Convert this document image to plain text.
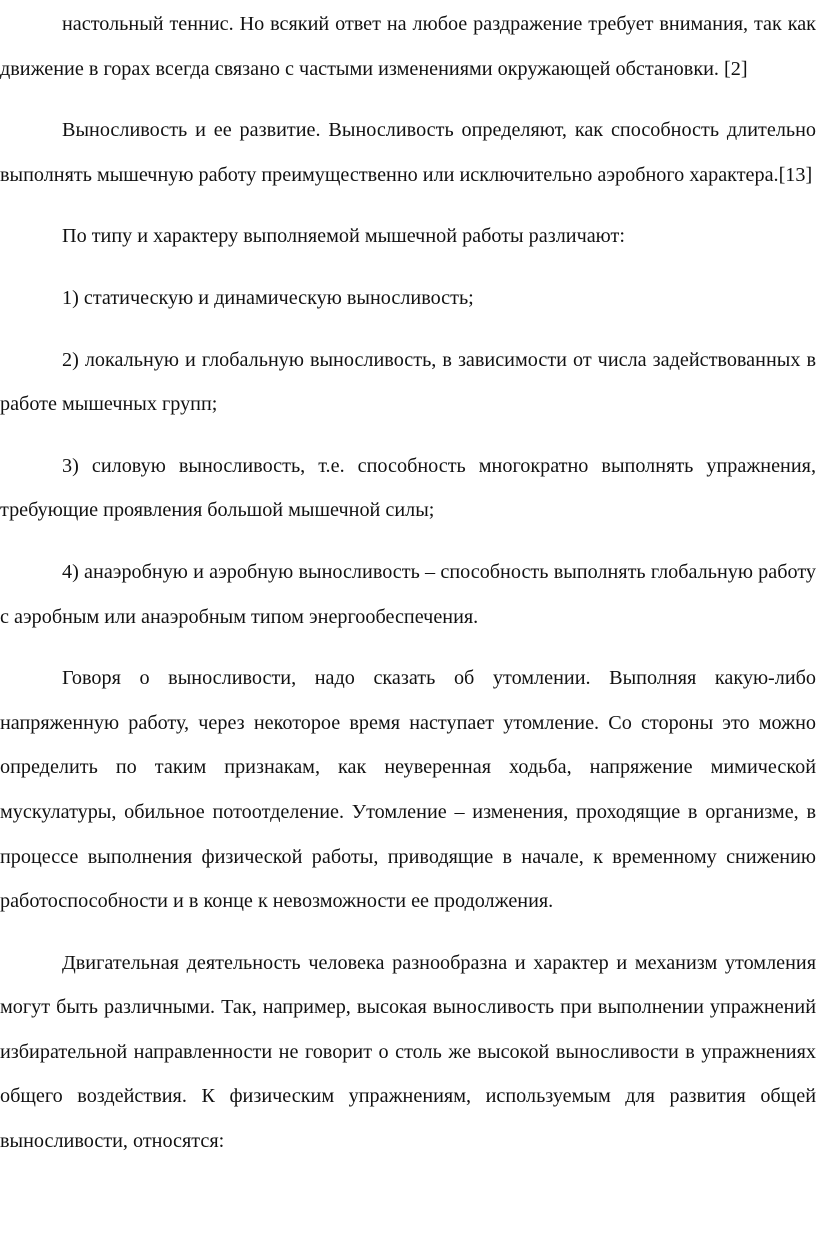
настольный теннис. Но всякий ответ на любое раздражение требует внимания, так как движение в горах всегда связано с частыми изменениями окружающей обстановки. [2]

Выносливость и ее развитие. Выносливость определяют, как способность длительно выполнять мышечную работу преимущественно или исключительно аэробного характера.[13]

По типу и характеру выполняемой мышечной работы различают:

1) статическую и динамическую выносливость;

2) локальную и глобальную выносливость, в зависимости от числа задействованных в работе мышечных групп;

3) силовую выносливость, т.е. способность многократно выполнять упражнения, требующие проявления большой мышечной силы;

4) анаэробную и аэробную выносливость – способность выполнять глобальную работу с аэробным или анаэробным типом энергообеспечения.

Говоря о выносливости, надо сказать об утомлении. Выполняя какую-либо напряженную работу, через некоторое время наступает утомление. Со стороны это можно определить по таким признакам, как неуверенная ходьба, напряжение мимической мускулатуры, обильное потоотделение. Утомление – изменения, проходящие в организме, в процессе выполнения физической работы, приводящие в начале, к временному снижению работоспособности и в конце к невозможности ее продолжения.

Двигательная деятельность человека разнообразна и характер и механизм утомления могут быть различными. Так, например, высокая выносливость при выполнении упражнений избирательной направленности не говорит о столь же высокой выносливости в упражнениях общего воздействия. К физическим упражнениям, используемым для развития общей выносливости, относятся:
